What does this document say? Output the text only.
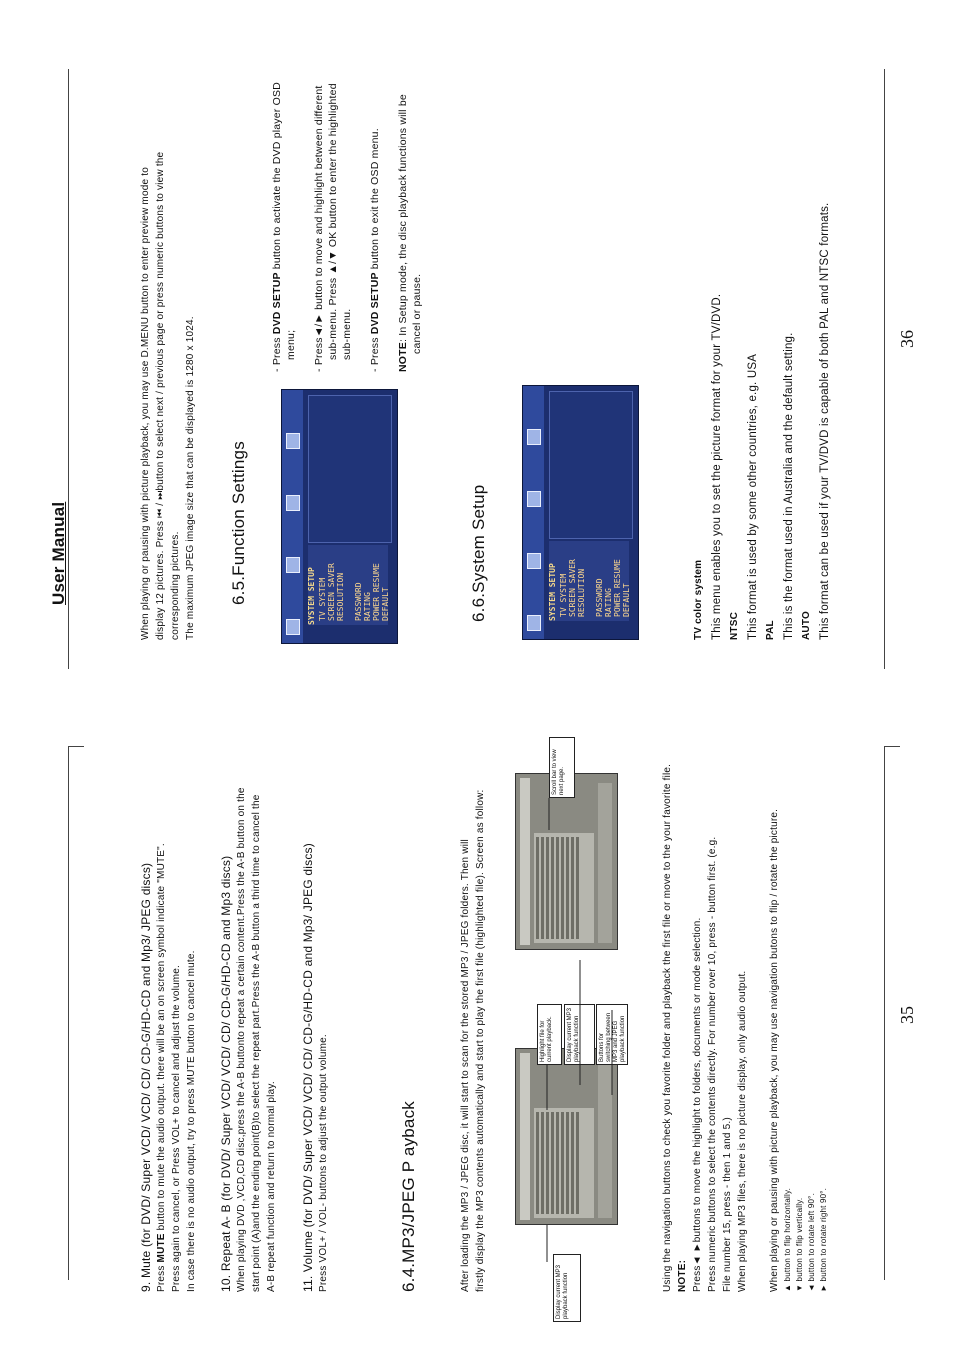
35
36

9. Mute (for DVD/ Super VCD/ VCD/ CD/ CD-G/HD-CD and Mp3/ JPEG discs) Press MUTE button to mute the audio output. there will be an on screen symbol indicate "MUTE". Press again to cancel, or Press VOL+ to cancel and adjust the volume. In case there is no audio output, try to press MUTE button to cancel mute. 10. Repeat A- B (for DVD/ Super VCD/ VCD/ CD/ CD-G/HD-CD and Mp3 discs) When playing DVD ,VCD,CD disc,press the A-B buttonto repeat a certain content.Press the A-B button on the start point (A)and the ending point(B)to select the repeat part.Press the A-B button a third time to cancel the A-B repeat function and return to normal play. 11. Volume (for DVD/ Super VCD/ VCD/ CD/ CD-G/HD-CD and Mp3/ JPEG discs) Press VOL+ / VOL- buttons to adjust the output volume.	6.4.MP3/JPEG P ayback	After loading the MP3 / JPEG disc, it will start to scan for the stored MP3 / JPEG folders. Then will firstly display the MP3 contents automatically and start to play the first file (highlighted file). Screen as follow:	Display current MP3 playback function
Highlight file for current playback.	Display current MP3 playback function	Buttons for switching between MP3 and JPEG playback function
Scroll bar to view next page.	Using the navigation buttons to check you favorite folder and playback the first file or move to the your favorite file. NOTE: Press◄ ►buttons to move the highlight to folders, documents or mode selection. Press numeric buttons to select the contents directly. For number over 10, press - button first. (e.g. File number 15, press - then 1 and 5.) When playing MP3 files, there is no picture display, only audio output. When playing or pausing with picture playback, you may use navigation butons to flip / rotate the picture. ▲ button to flip horizontally. ▼ button to flip vertically. ◄ button to rotate left 90°. ► button to rotate right 90°.

User Manual	When playing or pausing with picture playback, you may use D.MENU button to enter preview mode to display 12 pictures. Press ⏮ / ⏭button to select next / previous page or press numeric buttons to view the corresponding pictures. The maximum JPEG image size that can be displayed is 1280 x 1024. 6.5.Function Settings	SYSTEM SETUP TV SYSTEM SCREEN SAVER RESOLUTION PASSWORD RATING POWER RESUME DEFAULT

- Press DVD SETUP button to activate the DVD player OSD

menu; - Press◄/► button to move and highlight between different sub-menu. Press ▲/▼ OK button to enter the highlighted sub-menu. - Press DVD SETUP button to exit the OSD menu.

NOTE: In Setup mode, the disc playback functions will be cancel or pause.

6.6.System Setup	SYSTEM SETUP TV SYSTEM SCREEN SAVER RESOLUTION PASSWORD RATING POWER RESUME DEFAULT	TV color system This menu enables you to set the picture format for your TV/DVD. NTSC This format is used by some other countries, e.g. USA PAL This is the format used in Australia and the default setting. AUTO This format can be used if your TV/DVD is capable of both PAL and NTSC formats.
